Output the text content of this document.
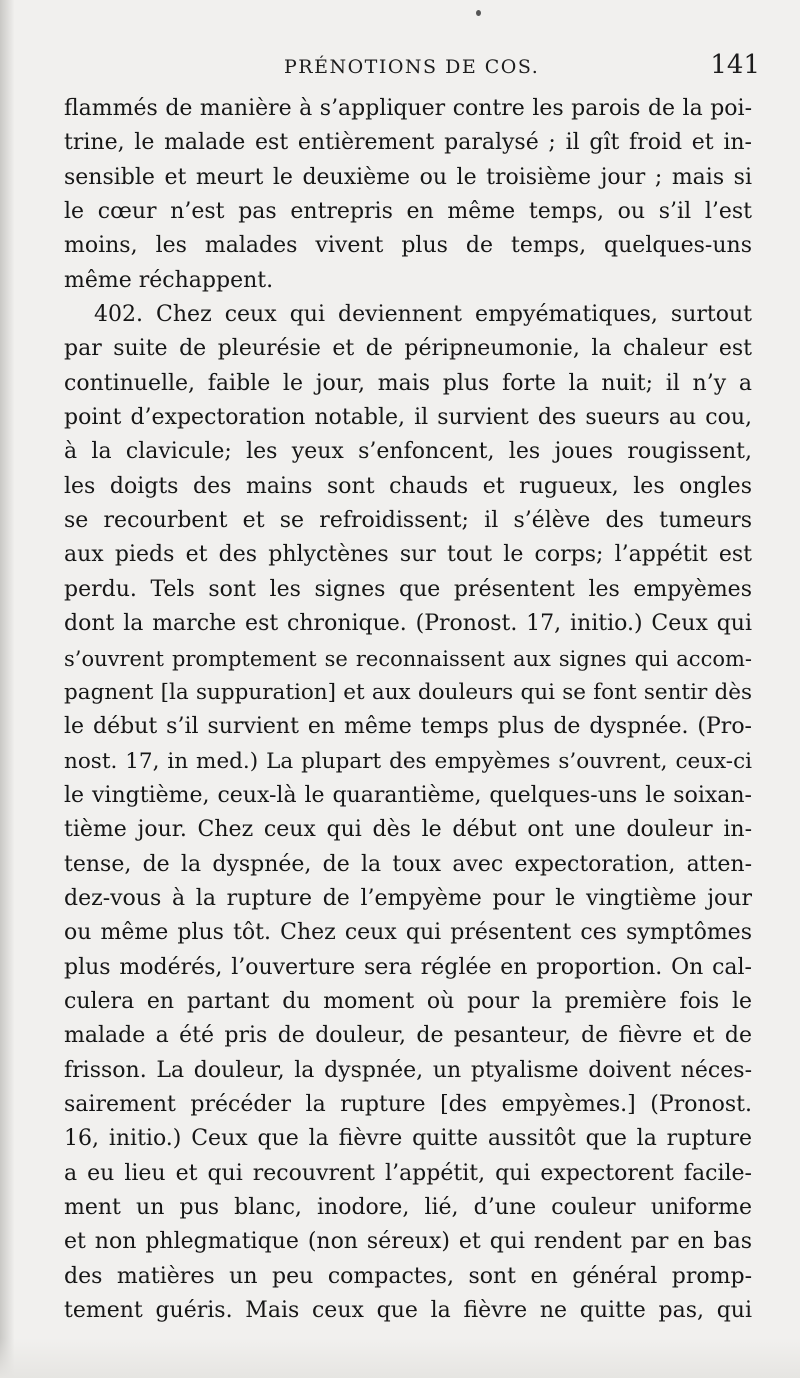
PRÉNOTIONS DE COS.	141
flammés de manière à s’appliquer contre les parois de la poi-
trine, le malade est entièrement paralysé ; il gît froid et in-
sensible et meurt le deuxième ou le troisième jour ; mais si
le cœur n’est pas entrepris en même temps, ou s’il l’est
moins, les malades vivent plus de temps, quelques-uns
même réchappent.
402. Chez ceux qui deviennent empyématiques, surtout
par suite de pleurésie et de péripneumonie, la chaleur est
continuelle, faible le jour, mais plus forte la nuit; il n’y a
point d’expectoration notable, il survient des sueurs au cou,
à la clavicule; les yeux s’enfoncent, les joues rougissent,
les doigts des mains sont chauds et rugueux, les ongles
se recourbent et se refroidissent; il s’élève des tumeurs
aux pieds et des phlyctènes sur tout le corps; l’appétit est
perdu. Tels sont les signes que présentent les empyèmes
dont la marche est chronique. (Pronost. 17, initio.) Ceux qui
s’ouvrent promptement se reconnaissent aux signes qui accom-
pagnent [la suppuration] et aux douleurs qui se font sentir dès
le début s’il survient en même temps plus de dyspnée. (Pro-
nost. 17, in med.) La plupart des empyèmes s’ouvrent, ceux-ci
le vingtième, ceux-là le quarantième, quelques-uns le soixan-
tième jour. Chez ceux qui dès le début ont une douleur in-
tense, de la dyspnée, de la toux avec expectoration, atten-
dez-vous à la rupture de l’empyème pour le vingtième jour
ou même plus tôt. Chez ceux qui présentent ces symptômes
plus modérés, l’ouverture sera réglée en proportion. On cal-
culera en partant du moment où pour la première fois le
malade a été pris de douleur, de pesanteur, de fièvre et de
frisson. La douleur, la dyspnée, un ptyalisme doivent néces-
sairement précéder la rupture [des empyèmes.] (Pronost.
16, initio.) Ceux que la fièvre quitte aussitôt que la rupture
a eu lieu et qui recouvrent l’appétit, qui expectorent facile-
ment un pus blanc, inodore, lié, d’une couleur uniforme
et non phlegmatique (non séreux) et qui rendent par en bas
des matières un peu compactes, sont en général promp-
tement guéris. Mais ceux que la fièvre ne quitte pas, qui
